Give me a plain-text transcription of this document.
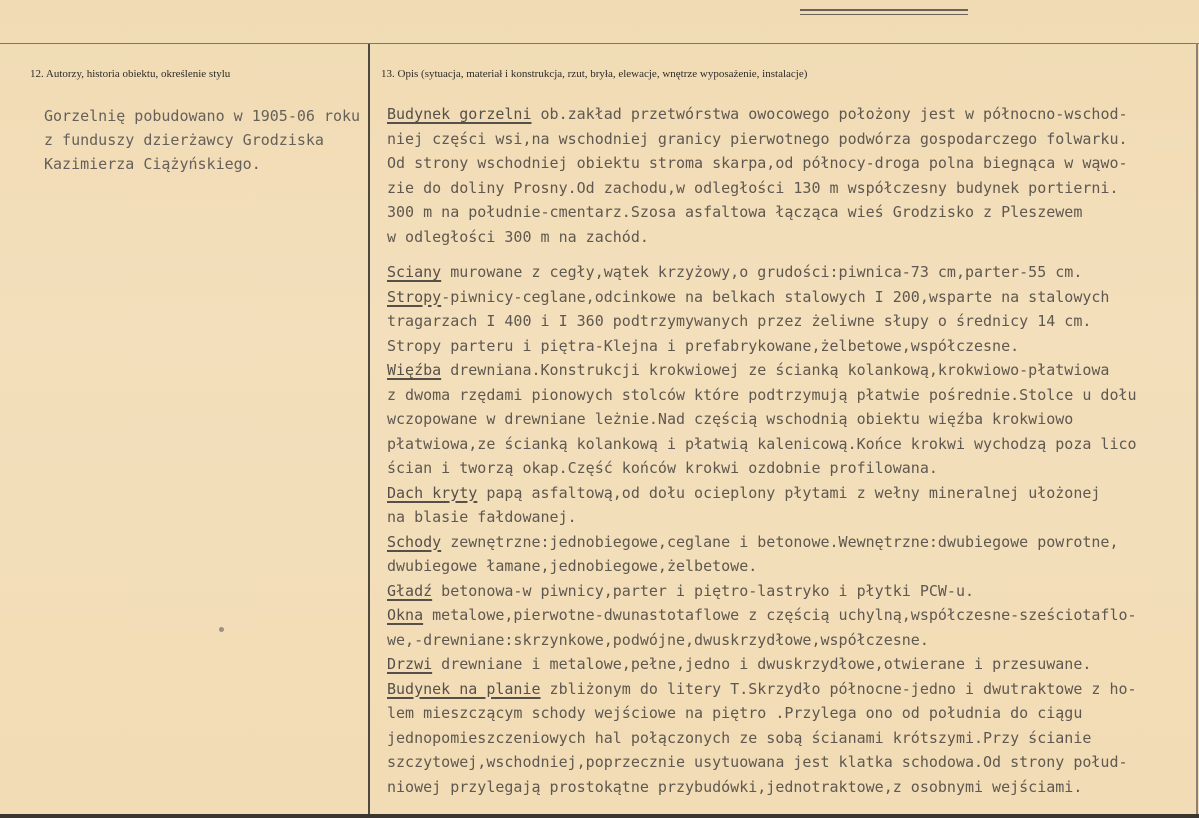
12. Autorzy, historia obiektu, określenie stylu	13. Opis (sytuacja, materiał i konstrukcja, rzut, bryła, elewacje, wnętrze wyposażenie, instalacje)
Gorzelnię pobudowano w 1905-06 roku
z funduszy dzierżawcy Grodziska
Kazimierza Ciążyńskiego.
Budynek gorzelni ob.zakład przetwórstwa owocowego położony jest w północno-wschod-
niej części wsi,na wschodniej granicy pierwotnego podwórza gospodarczego folwarku.
Od strony wschodniej obiektu stroma skarpa,od północy-droga polna biegnąca w wąwo-
zie do doliny Prosny.Od zachodu,w odległości 130 m współczesny budynek portierni.
300 m na południe-cmentarz.Szosa asfaltowa łącząca wieś Grodzisko z Pleszewem
w odległości 300 m na zachód.
Sciany murowane z cegły,wątek krzyżowy,o grudości:piwnica-73 cm,parter-55 cm.
Stropy-piwnicy-ceglane,odcinkowe na belkach stalowych I 200,wsparte na stalowych
tragarzach I 400 i I 360 podtrzymywanych przez żeliwne słupy o średnicy 14 cm.
Stropy parteru i piętra-Klejna i prefabrykowane,żelbetowe,współczesne.
Więźba drewniana.Konstrukcji krokwiowej ze ścianką kolankową,krokwiowo-płatwiowa
z dwoma rzędami pionowych stolców które podtrzymują płatwie pośrednie.Stolce u dołu
wczopowane w drewniane leżnie.Nad częścią wschodnią obiektu więźba krokwiowo
płatwiowa,ze ścianką kolankową i płatwią kalenicową.Końce krokwi wychodzą poza lico
ścian i tworzą okap.Część końców krokwi ozdobnie profilowana.
Dach kryty papą asfaltową,od dołu ocieplony płytami z wełny mineralnej ułożonej
na blasie fałdowanej.
Schody zewnętrzne:jednobiegowe,ceglane i betonowe.Wewnętrzne:dwubiegowe powrotne,
dwubiegowe łamane,jednobiegowe,żelbetowe.
Gładź betonowa-w piwnicy,parter i piętro-lastryko i płytki PCW-u.
Okna metalowe,pierwotne-dwunastotaflowe z częścią uchylną,współczesne-sześciotaflo-
we,-drewniane:skrzynkowe,podwójne,dwuskrzydłowe,współczesne.
Drzwi drewniane i metalowe,pełne,jedno i dwuskrzydłowe,otwierane i przesuwane.
Budynek na planie zbliżonym do litery T.Skrzydło północne-jedno i dwutraktowe z ho-
lem mieszczącym schody wejściowe na piętro .Przylega ono od południa do ciągu
jednopomieszczeniowych hal połączonych ze sobą ścianami krótszymi.Przy ścianie
szczytowej,wschodniej,poprzecznie usytuowana jest klatka schodowa.Od strony połud-
niowej przylegają prostokątne przybudówki,jednotraktowe,z osobnymi wejściami.
